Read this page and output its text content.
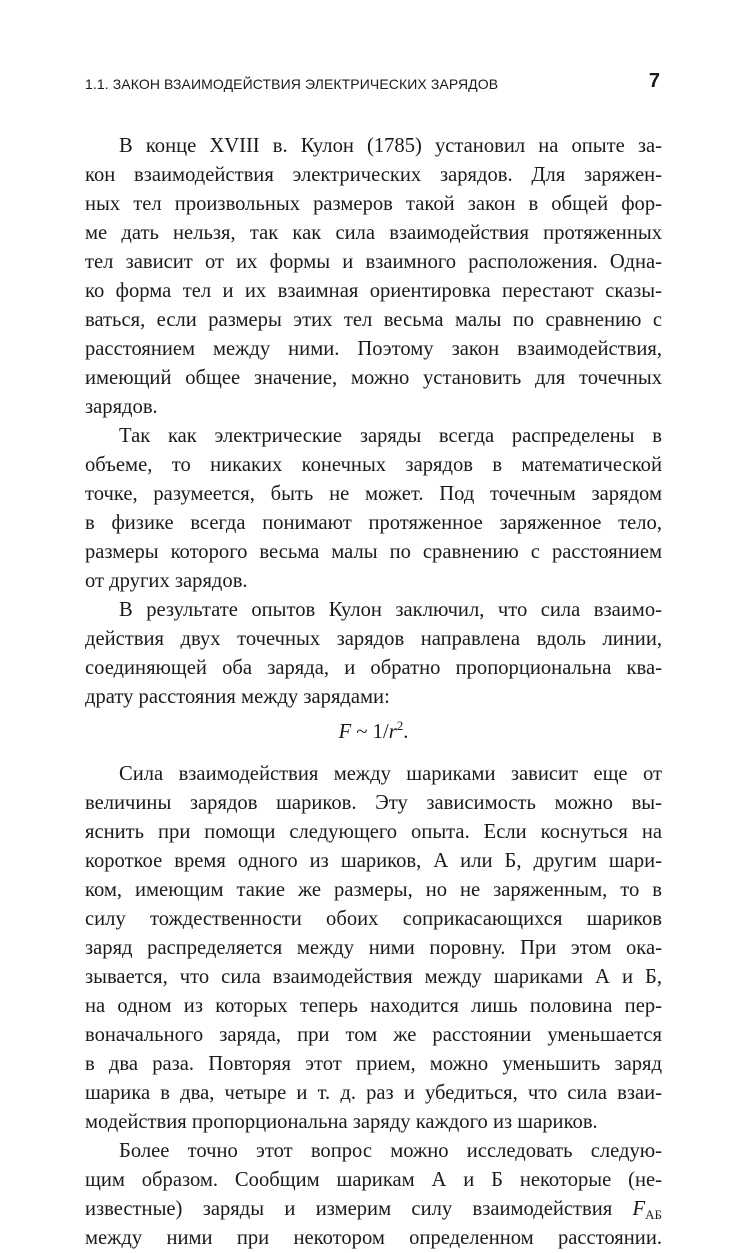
1.1. ЗАКОН ВЗАИМОДЕЙСТВИЯ ЭЛЕКТРИЧЕСКИХ ЗАРЯДОВ	7
В конце XVIII в. Кулон (1785) установил на опыте за-
кон взаимодействия электрических зарядов. Для заряжен-
ных тел произвольных размеров такой закон в общей фор-
ме дать нельзя, так как сила взаимодействия протяженных
тел зависит от их формы и взаимного расположения. Одна-
ко форма тел и их взаимная ориентировка перестают сказы-
ваться, если размеры этих тел весьма малы по сравнению с
расстоянием между ними. Поэтому закон взаимодействия,
имеющий общее значение, можно установить для точечных
зарядов.
Так как электрические заряды всегда распределены в
объеме, то никаких конечных зарядов в математической
точке, разумеется, быть не может. Под точечным зарядом
в физике всегда понимают протяженное заряженное тело,
размеры которого весьма малы по сравнению с расстоянием
от других зарядов.
В результате опытов Кулон заключил, что сила взаимо-
действия двух точечных зарядов направлена вдоль линии,
соединяющей оба заряда, и обратно пропорциональна ква-
драту расстояния между зарядами:
F ~ $1/r^2$.
Сила взаимодействия между шариками зависит еще от
величины зарядов шариков. Эту зависимость можно вы-
яснить при помощи следующего опыта. Если коснуться на
короткое время одного из шариков, А или Б, другим шари-
ком, имеющим такие же размеры, но не заряженным, то в
силу тождественности обоих соприкасающихся шариков
заряд распределяется между ними поровну. При этом ока-
зывается, что сила взаимодействия между шариками А и Б,
на одном из которых теперь находится лишь половина пер-
воначального заряда, при том же расстоянии уменьшается
в два раза. Повторяя этот прием, можно уменьшить заряд
шарика в два, четыре и т. д. раз и убедиться, что сила взаи-
модействия пропорциональна заряду каждого из шариков.
Более точно этот вопрос можно исследовать следую-
щим образом. Сообщим шарикам А и Б некоторые (не-
известные) заряды и измерим силу взаимодействия $F_{АБ}$
между ними при некотором определенном расстоянии.
